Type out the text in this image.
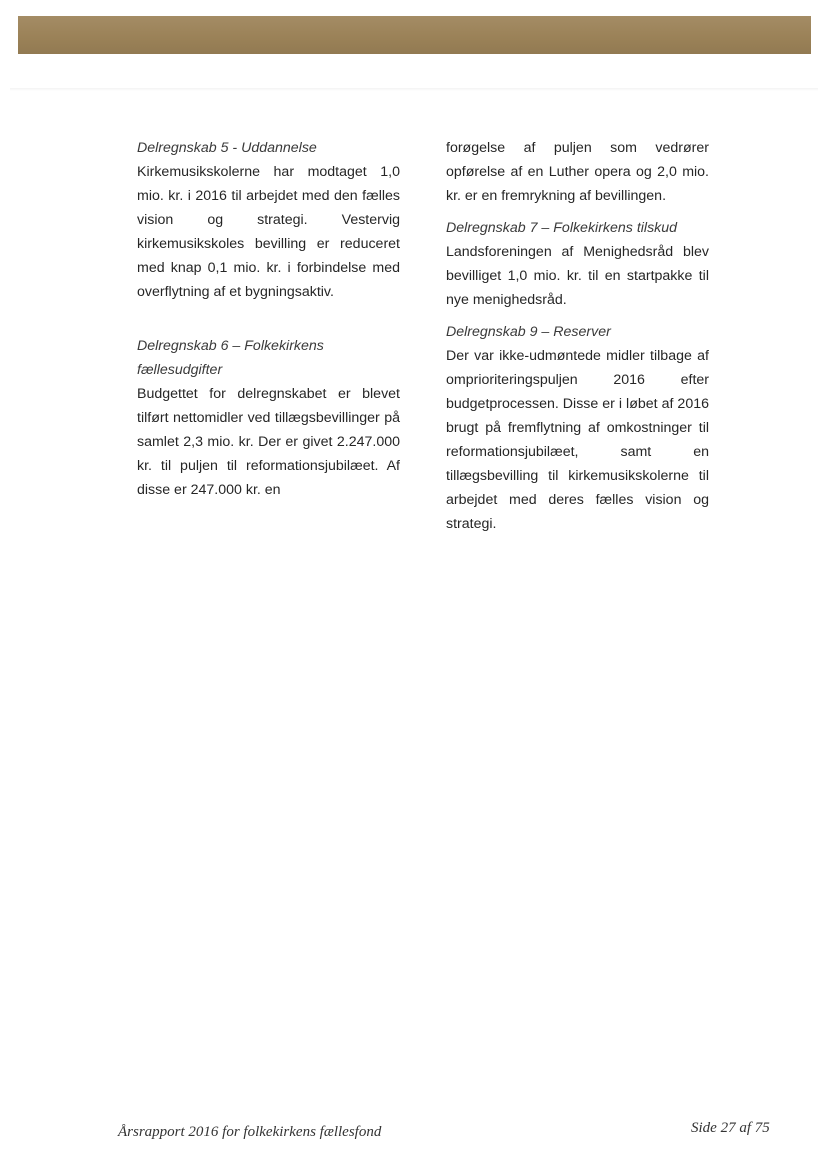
Delregnskab 5 - Uddannelse

Kirkemusikskolerne har modtaget 1,0 mio. kr. i 2016 til arbejdet med den fælles vision og strategi. Vestervig kirkemusikskoles bevilling er reduceret med knap 0,1 mio. kr. i forbindelse med overflytning af et bygningsaktiv.

Delregnskab 6 – Folkekirkens fællesudgifter

Budgettet for delregnskabet er blevet tilført nettomidler ved tillægsbevillinger på samlet 2,3 mio. kr. Der er givet 2.247.000 kr. til puljen til reformationsjubilæet. Af disse er 247.000 kr. en

forøgelse af puljen som vedrører opførelse af en Luther opera og 2,0 mio. kr. er en fremrykning af bevillingen.

Delregnskab 7 – Folkekirkens tilskud

Landsforeningen af Menighedsråd blev bevilliget 1,0 mio. kr. til en startpakke til nye menighedsråd.

Delregnskab 9 – Reserver

Der var ikke-udmøntede midler tilbage af omprioriteringspuljen 2016 efter budgetprocessen. Disse er i løbet af 2016 brugt på fremflytning af omkostninger til reformationsjubilæet, samt en tillægsbevilling til kirkemusikskolerne til arbejdet med deres fælles vision og strategi.

Årsrapport 2016 for folkekirkens fællesfond	Side 27 af 75
